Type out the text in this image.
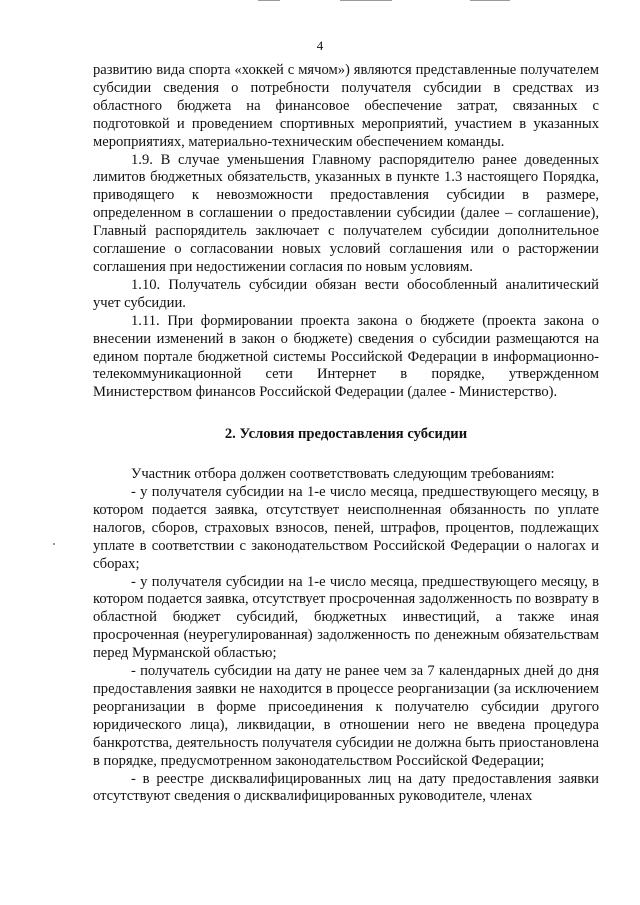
4

развитию вида спорта «хоккей с мячом») являются представленные получателем субсидии сведения о потребности получателя субсидии в средствах из областного бюджета на финансовое обеспечение затрат, связанных с подготовкой и проведением спортивных мероприятий, участием в указанных мероприятиях, материально-техническим обеспечением команды.

1.9. В случае уменьшения Главному распорядителю ранее доведенных лимитов бюджетных обязательств, указанных в пункте 1.3 настоящего Порядка, приводящего к невозможности предоставления субсидии в размере, определенном в соглашении о предоставлении субсидии (далее – соглашение), Главный распорядитель заключает с получателем субсидии дополнительное соглашение о согласовании новых условий соглашения или о расторжении соглашения при недостижении согласия по новым условиям.

1.10. Получатель субсидии обязан вести обособленный аналитический учет субсидии.

1.11. При формировании проекта закона о бюджете (проекта закона о внесении изменений в закон о бюджете) сведения о субсидии размещаются на едином портале бюджетной системы Российской Федерации в информационно-телекоммуникационной сети Интернет в порядке, утвержденном Министерством финансов Российской Федерации (далее - Министерство).

2. Условия предоставления субсидии

Участник отбора должен соответствовать следующим требованиям:

- у получателя субсидии на 1-е число месяца, предшествующего месяцу, в котором подается заявка, отсутствует неисполненная обязанность по уплате налогов, сборов, страховых взносов, пеней, штрафов, процентов, подлежащих уплате в соответствии с законодательством Российской Федерации о налогах и сборах;

- у получателя субсидии на 1-е число месяца, предшествующего месяцу, в котором подается заявка, отсутствует просроченная задолженность по возврату в областной бюджет субсидий, бюджетных инвестиций, а также иная просроченная (неурегулированная) задолженность по денежным обязательствам перед Мурманской областью;

- получатель субсидии на дату не ранее чем за 7 календарных дней до дня предоставления заявки не находится в процессе реорганизации (за исключением реорганизации в форме присоединения к получателю субсидии другого юридического лица), ликвидации, в отношении него не введена процедура банкротства, деятельность получателя субсидии не должна быть приостановлена в порядке, предусмотренном законодательством Российской Федерации;

- в реестре дисквалифицированных лиц на дату предоставления заявки отсутствуют сведения о дисквалифицированных руководителе, членах
